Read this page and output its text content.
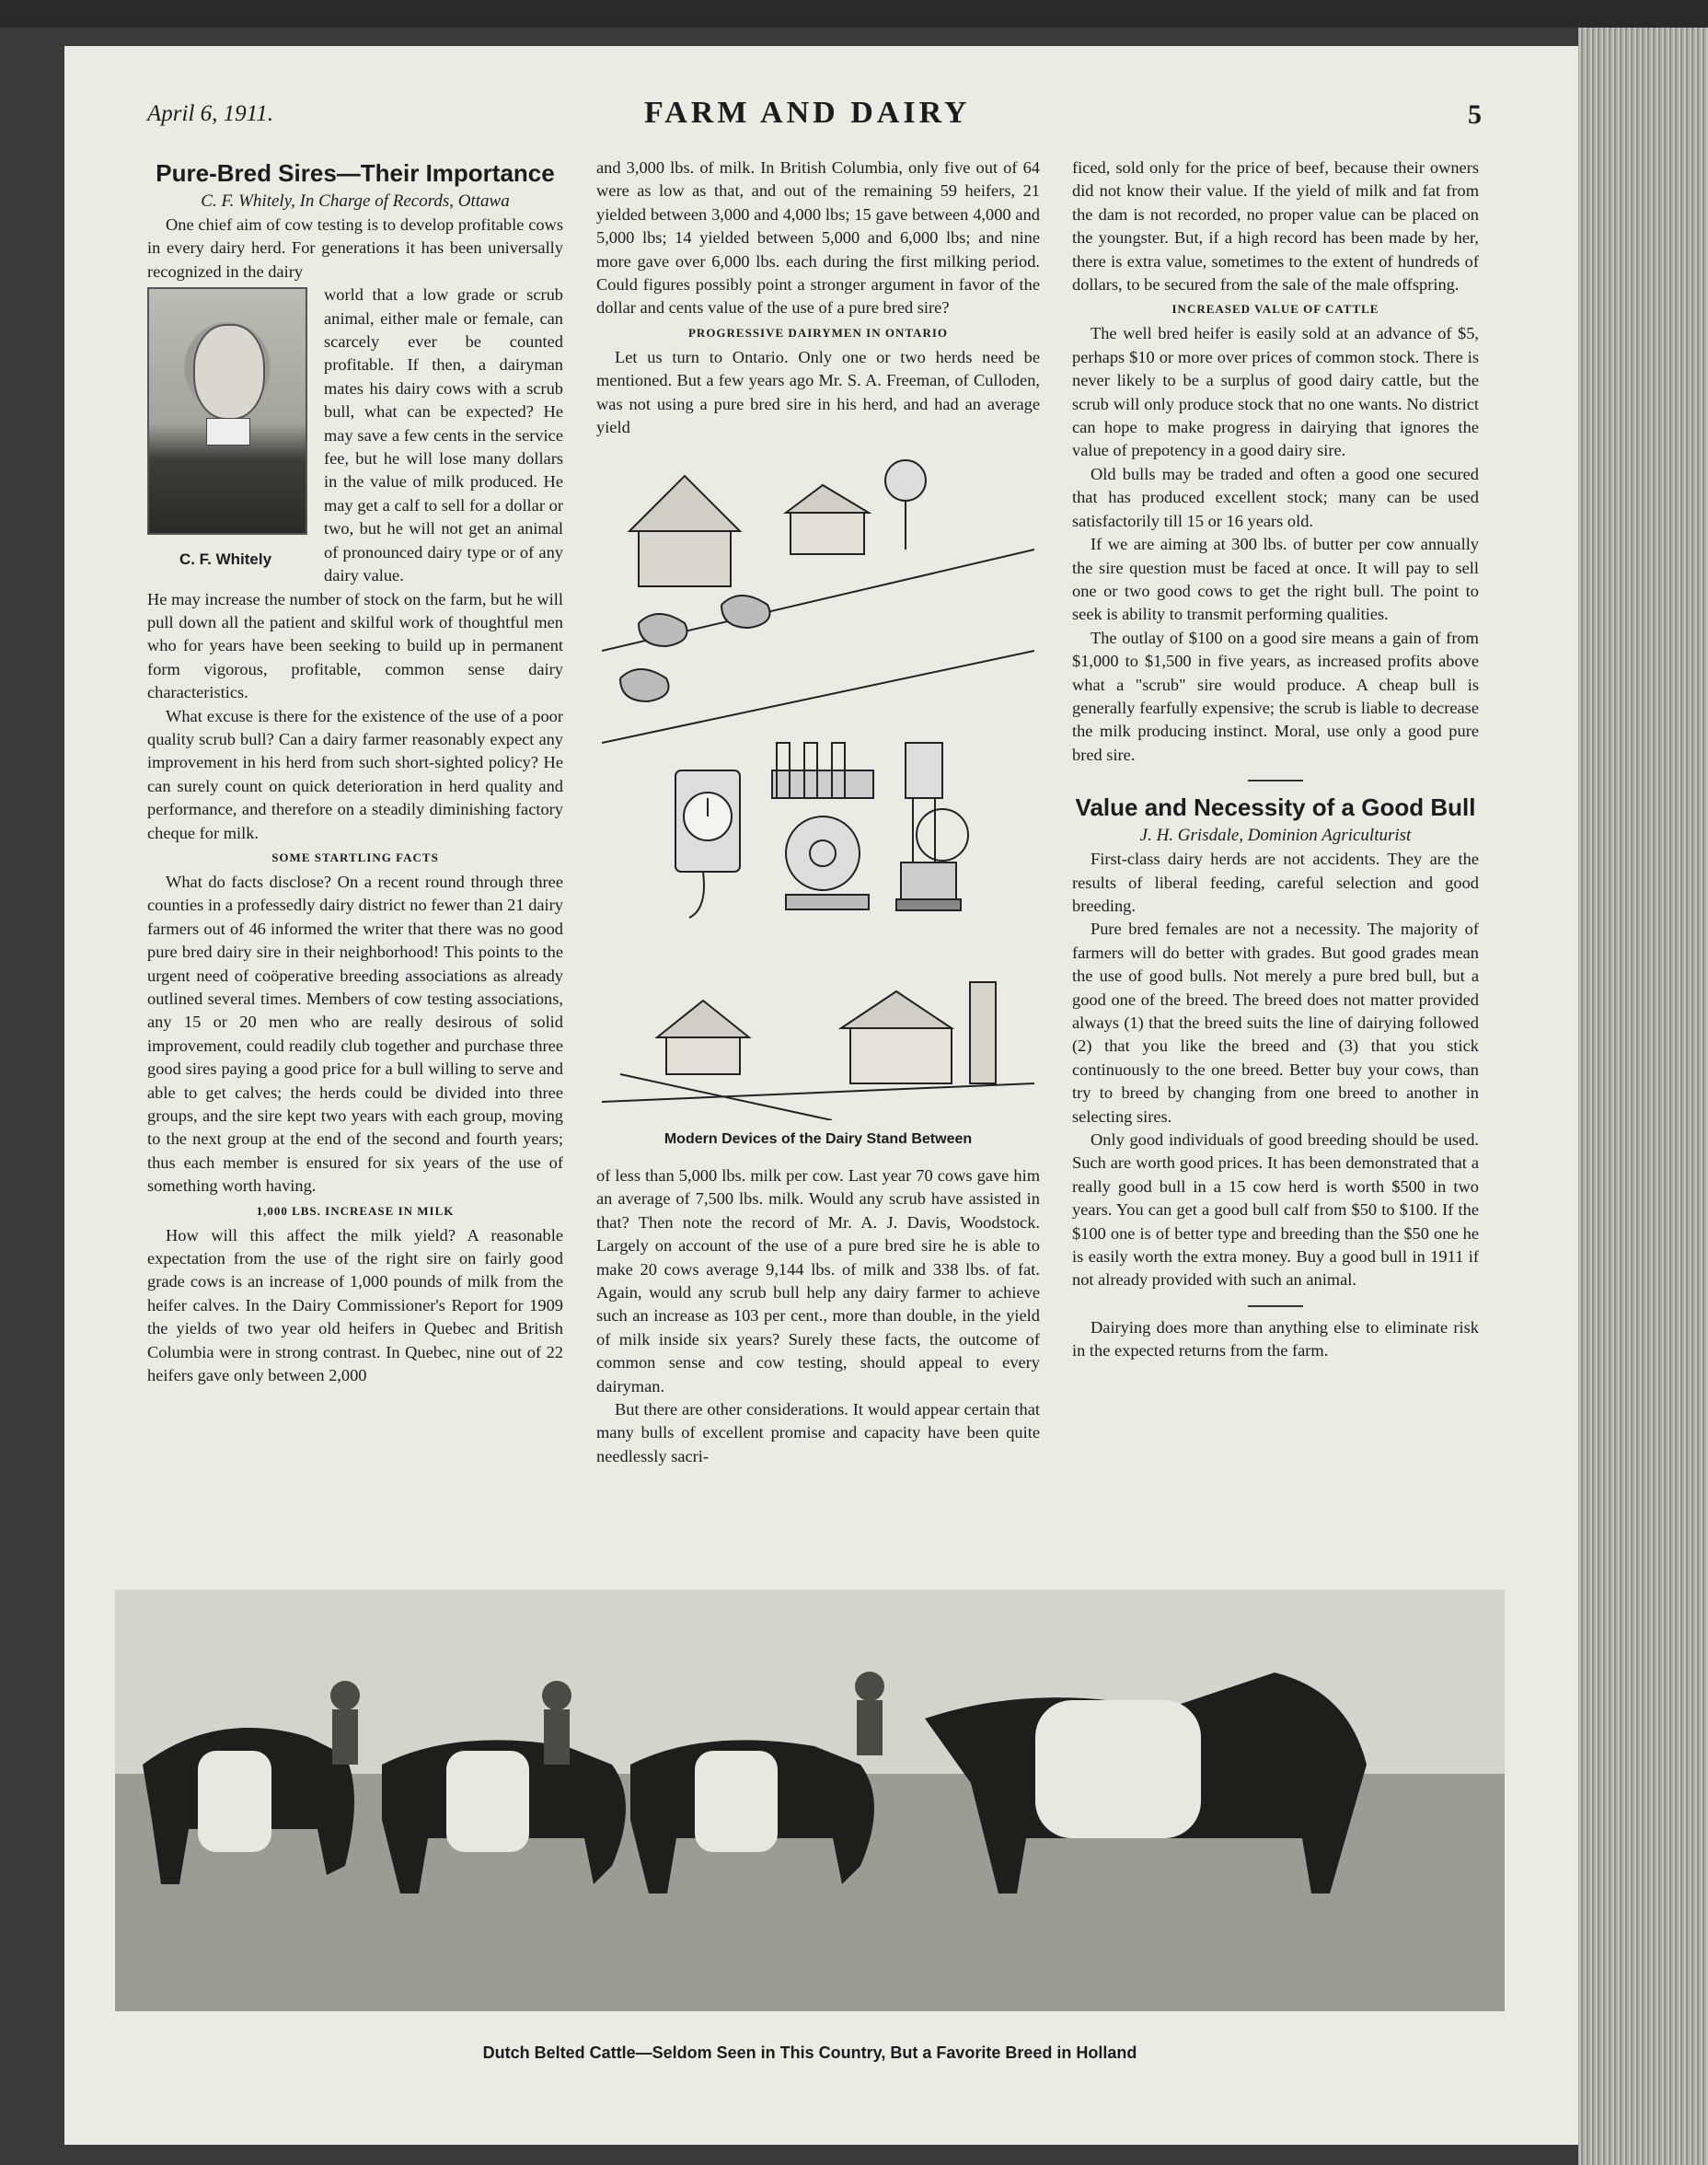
April 6, 1911.	FARM AND DAIRY	5
Pure-Bred Sires—Their Importance
C. F. Whitely, In Charge of Records, Ottawa

One chief aim of cow testing is to develop profitable cows in every dairy herd. For generations it has been universally recognized in the dairy

C. F. Whitely

world that a low grade or scrub animal, either male or female, can scarcely ever be counted profitable. If then, a dairyman mates his dairy cows with a scrub bull, what can be expected? He may save a few cents in the service fee, but he will lose many dollars in the value of milk produced. He may get a calf to sell for a dollar or two, but he will not get an animal of pronounced dairy type or of any dairy value.

He may increase the number of stock on the farm, but he will pull down all the patient and skilful work of thoughtful men who for years have been seeking to build up in permanent form vigorous, profitable, common sense dairy characteristics.

What excuse is there for the existence of the use of a poor quality scrub bull? Can a dairy farmer reasonably expect any improvement in his herd from such short-sighted policy? He can surely count on quick deterioration in herd quality and performance, and therefore on a steadily diminishing factory cheque for milk.

SOME STARTLING FACTS

What do facts disclose? On a recent round through three counties in a professedly dairy district no fewer than 21 dairy farmers out of 46 informed the writer that there was no good pure bred dairy sire in their neighborhood! This points to the urgent need of coöperative breeding associations as already outlined several times. Members of cow testing associations, any 15 or 20 men who are really desirous of solid improvement, could readily club together and purchase three good sires paying a good price for a bull willing to serve and able to get calves; the herds could be divided into three groups, and the sire kept two years with each group, moving to the next group at the end of the second and fourth years; thus each member is ensured for six years of the use of something worth having.

1,000 LBS. INCREASE IN MILK

How will this affect the milk yield? A reasonable expectation from the use of the right sire on fairly good grade cows is an increase of 1,000 pounds of milk from the heifer calves. In the Dairy Commissioner's Report for 1909 the yields of two year old heifers in Quebec and British Columbia were in strong contrast. In Quebec, nine out of 22 heifers gave only between 2,000

and 3,000 lbs. of milk. In British Columbia, only five out of 64 were as low as that, and out of the remaining 59 heifers, 21 yielded between 3,000 and 4,000 lbs; 15 gave between 4,000 and 5,000 lbs; 14 yielded between 5,000 and 6,000 lbs; and nine more gave over 6,000 lbs. each during the first milking period. Could figures possibly point a stronger argument in favor of the dollar and cents value of the use of a pure bred sire?

PROGRESSIVE DAIRYMEN IN ONTARIO

Let us turn to Ontario. Only one or two herds need be mentioned. But a few years ago Mr. S. A. Freeman, of Culloden, was not using a pure bred sire in his herd, and had an average yield

Modern Devices of the Dairy Stand Between

of less than 5,000 lbs. milk per cow. Last year 70 cows gave him an average of 7,500 lbs. milk. Would any scrub have assisted in that? Then note the record of Mr. A. J. Davis, Woodstock. Largely on account of the use of a pure bred sire he is able to make 20 cows average 9,144 lbs. of milk and 338 lbs. of fat. Again, would any scrub bull help any dairy farmer to achieve such an increase as 103 per cent., more than double, in the yield of milk inside six years? Surely these facts, the outcome of common sense and cow testing, should appeal to every dairyman.

But there are other considerations. It would appear certain that many bulls of excellent promise and capacity have been quite needlessly sacri-

ficed, sold only for the price of beef, because their owners did not know their value. If the yield of milk and fat from the dam is not recorded, no proper value can be placed on the youngster. But, if a high record has been made by her, there is extra value, sometimes to the extent of hundreds of dollars, to be secured from the sale of the male offspring.

INCREASED VALUE OF CATTLE

The well bred heifer is easily sold at an advance of $5, perhaps $10 or more over prices of common stock. There is never likely to be a surplus of good dairy cattle, but the scrub will only produce stock that no one wants. No district can hope to make progress in dairying that ignores the value of prepotency in a good dairy sire.

Old bulls may be traded and often a good one secured that has produced excellent stock; many can be used satisfactorily till 15 or 16 years old.

If we are aiming at 300 lbs. of butter per cow annually the sire question must be faced at once. It will pay to sell one or two good cows to get the right bull. The point to seek is ability to transmit performing qualities.

The outlay of $100 on a good sire means a gain of from $1,000 to $1,500 in five years, as increased profits above what a "scrub" sire would produce. A cheap bull is generally fearfully expensive; the scrub is liable to decrease the milk producing instinct. Moral, use only a good pure bred sire.

Value and Necessity of a Good Bull
J. H. Grisdale, Dominion Agriculturist

First-class dairy herds are not accidents. They are the results of liberal feeding, careful selection and good breeding.

Pure bred females are not a necessity. The majority of farmers will do better with grades. But good grades mean the use of good bulls. Not merely a pure bred bull, but a good one of the breed. The breed does not matter provided always (1) that the breed suits the line of dairying followed (2) that you like the breed and (3) that you stick continuously to the one breed. Better buy your cows, than try to breed by changing from one breed to another in selecting sires.

Only good individuals of good breeding should be used. Such are worth good prices. It has been demonstrated that a really good bull in a 15 cow herd is worth $500 in two years. You can get a good bull calf from $50 to $100. If the $100 one is of better type and breeding than the $50 one he is easily worth the extra money. Buy a good bull in 1911 if not already provided with such an animal.

Dairying does more than anything else to eliminate risk in the expected returns from the farm.

Dutch Belted Cattle—Seldom Seen in This Country, But a Favorite Breed in Holland
